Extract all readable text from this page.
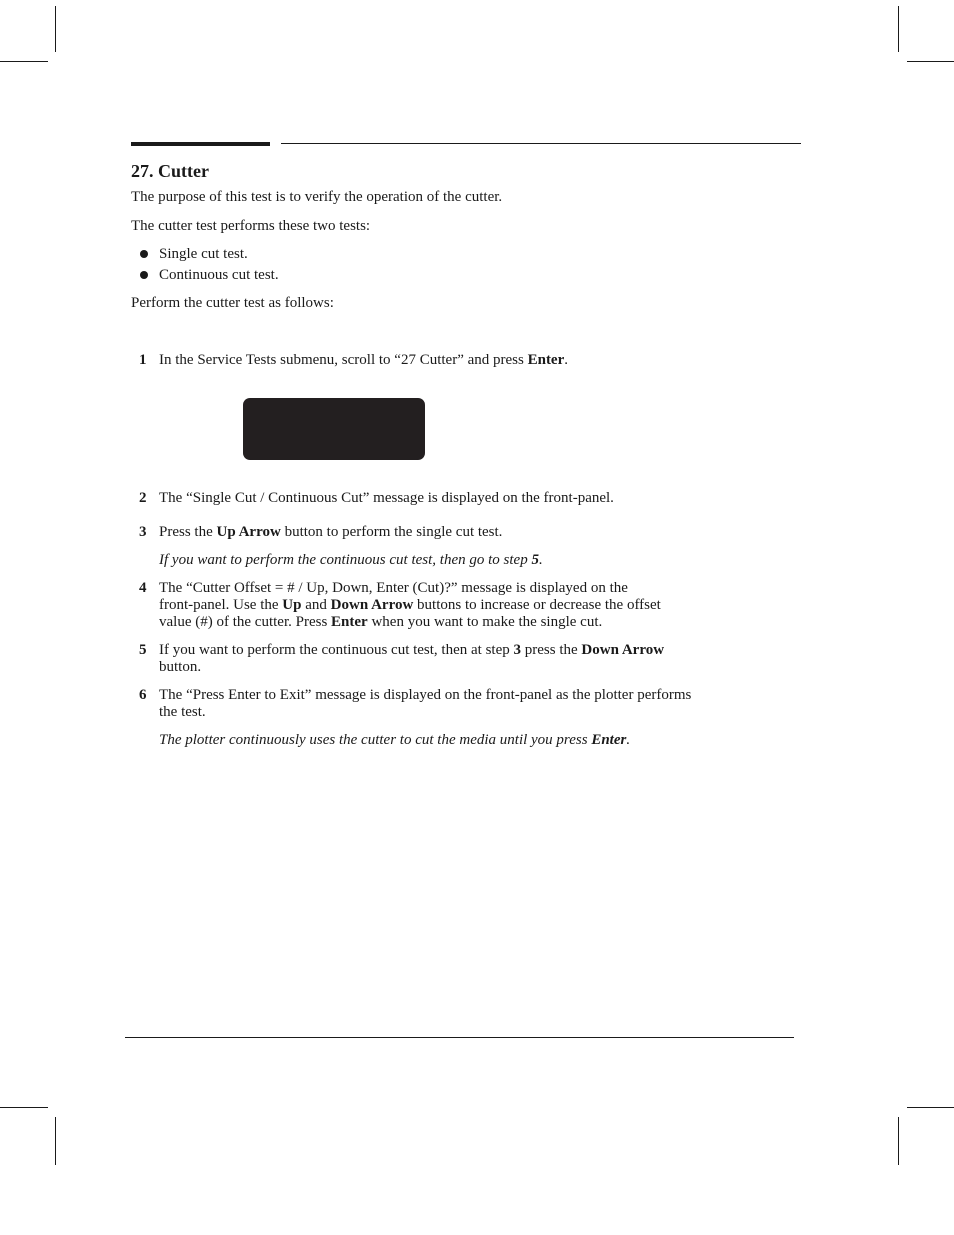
27. Cutter
The purpose of this test is to verify the operation of the cutter.
The cutter test performs these two tests:
Single cut test.
Continuous cut test.
Perform the cutter test as follows:
1 In the Service Tests submenu, scroll to “27 Cutter” and press Enter.
2 The “Single Cut / Continuous Cut” message is displayed on the front-panel.
3 Press the Up Arrow button to perform the single cut test.
If you want to perform the continuous cut test, then go to step 5.
4 The “Cutter Offset = # / Up, Down, Enter (Cut)?” message is displayed on the
front-panel. Use the Up and Down Arrow buttons to increase or decrease the offset
value (#) of the cutter. Press Enter when you want to make the single cut.
5 If you want to perform the continuous cut test, then at step 3 press the Down Arrow
button.
6 The “Press Enter to Exit” message is displayed on the front-panel as the plotter performs
the test.
The plotter continuously uses the cutter to cut the media until you press Enter.
